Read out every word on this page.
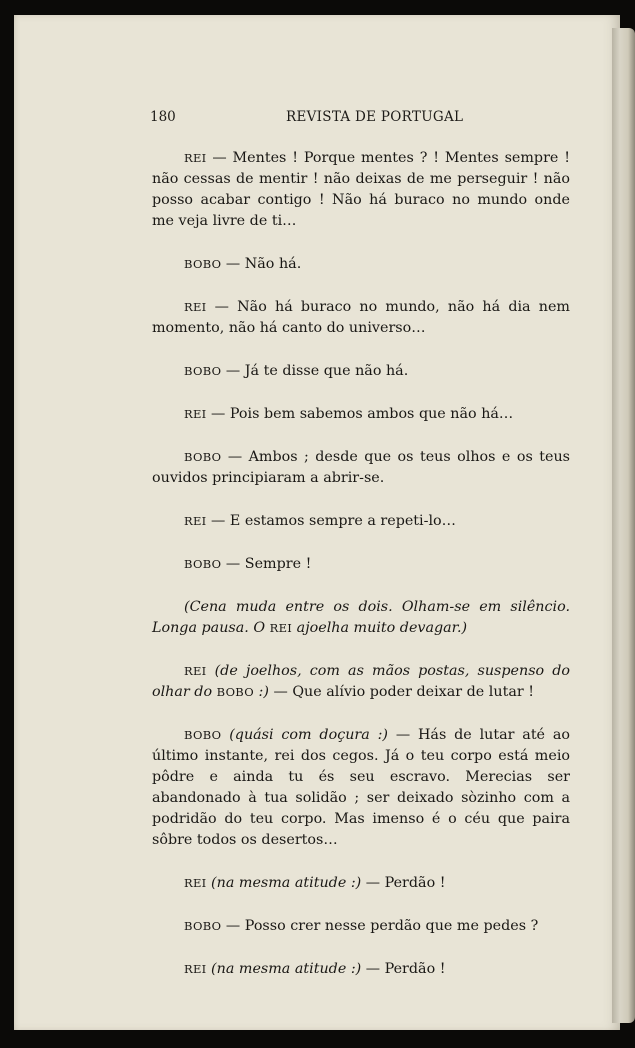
180	REVISTA DE PORTUGAL

REI — Mentes ! Porque mentes ? ! Mentes sempre ! não cessas de mentir ! não deixas de me perseguir ! não posso acabar contigo ! Não há buraco no mundo onde me veja livre de ti…

BOBO — Não há.

REI — Não há buraco no mundo, não há dia nem momento, não há canto do universo…

BOBO — Já te disse que não há.

REI — Pois bem sabemos ambos que não há…

BOBO — Ambos ; desde que os teus olhos e os teus ouvidos principiaram a abrir-se.

REI — E estamos sempre a repeti-lo…

BOBO — Sempre !

(Cena muda entre os dois. Olham-se em silêncio. Longa pausa. O REI ajoelha muito devagar.)

REI (de joelhos, com as mãos postas, suspenso do olhar do BOBO :) — Que alívio poder deixar de lutar !

BOBO (quási com doçura :) — Hás de lutar até ao último instante, rei dos cegos. Já o teu corpo está meio pôdre e ainda tu és seu escravo. Merecias ser abandonado à tua solidão ; ser deixado sòzinho com a podridão do teu corpo. Mas imenso é o céu que paira sôbre todos os desertos…

REI (na mesma atitude :) — Perdão !

BOBO — Posso crer nesse perdão que me pedes ?

REI (na mesma atitude :) — Perdão !
